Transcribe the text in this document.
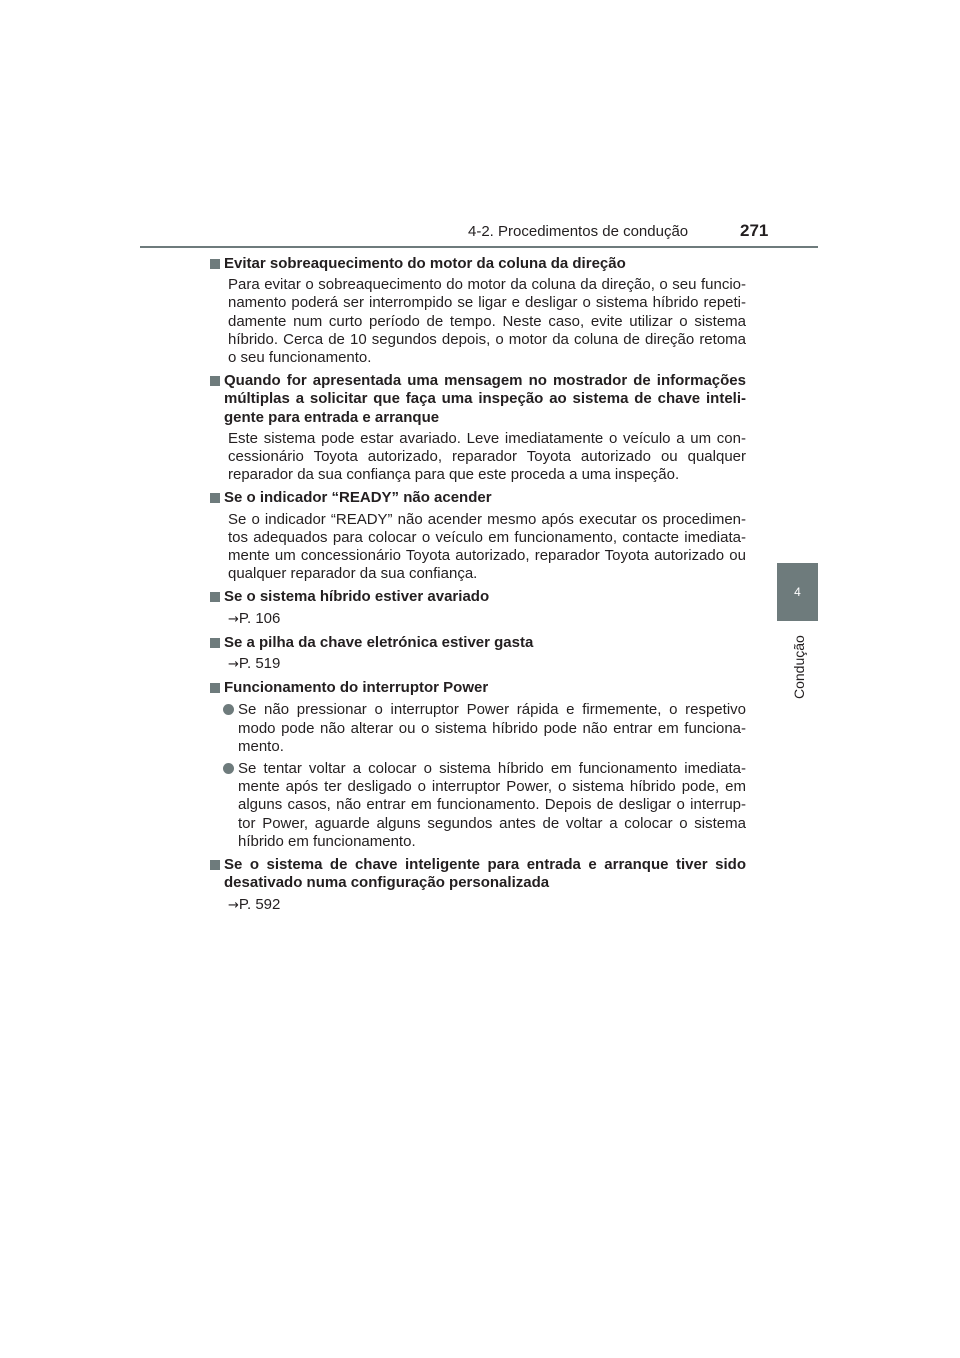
4-2. Procedimentos de condução	271
4
Condução
Evitar sobreaquecimento do motor da coluna da direção
Para evitar o sobreaquecimento do motor da coluna da direção, o seu funcio-namento poderá ser interrompido se ligar e desligar o sistema híbrido repeti-damente num curto período de tempo. Neste caso, evite utilizar o sistema híbrido. Cerca de 10 segundos depois, o motor da coluna de direção retoma o seu funcionamento.
Quando for apresentada uma mensagem no mostrador de informações múltiplas a solicitar que faça uma inspeção ao sistema de chave inteli-gente para entrada e arranque
Este sistema pode estar avariado. Leve imediatamente o veículo a um con-cessionário Toyota autorizado, reparador Toyota autorizado ou qualquer reparador da sua confiança para que este proceda a uma inspeção.
Se o indicador “READY” não acender
Se o indicador “READY” não acender mesmo após executar os procedimen-tos adequados para colocar o veículo em funcionamento, contacte imediata-mente um concessionário Toyota autorizado, reparador Toyota autorizado ou qualquer reparador da sua confiança.
Se o sistema híbrido estiver avariado
→P. 106
Se a pilha da chave eletrónica estiver gasta
→P. 519
Funcionamento do interruptor Power
Se não pressionar o interruptor Power rápida e firmemente, o respetivo modo pode não alterar ou o sistema híbrido pode não entrar em funciona-mento.
Se tentar voltar a colocar o sistema híbrido em funcionamento imediata-mente após ter desligado o interruptor Power, o sistema híbrido pode, em alguns casos, não entrar em funcionamento. Depois de desligar o interrup-tor Power, aguarde alguns segundos antes de voltar a colocar o sistema híbrido em funcionamento.
Se o sistema de chave inteligente para entrada e arranque tiver sido desativado numa configuração personalizada
→P. 592
